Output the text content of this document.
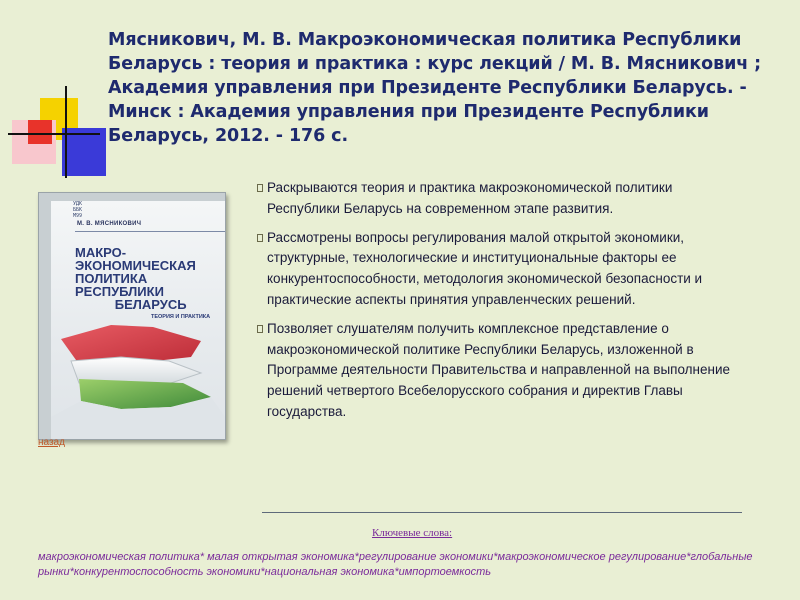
Мясникович, М. В. Макроэкономическая политика Республики Беларусь : теория и практика : курс лекций / М. В. Мясникович ; Академия управления при Президенте Республики Беларусь. - Минск : Академия управления при Президенте Республики Беларусь, 2012. - 176 с.
УДК
ББК
М99
М. В. МЯСНИКОВИЧ
МАКРО-
ЭКОНОМИЧЕСКАЯ
ПОЛИТИКА
РЕСПУБЛИКИ
БЕЛАРУСЬ
ТЕОРИЯ И ПРАКТИКА
назад

Раскрываются теория и практика макроэкономической политики Республики Беларусь на современном этапе развития.

Рассмотрены вопросы регулирования малой открытой экономики, структурные, технологические и институциональные факторы ее конкурентоспособности, методология экономической безопасности и практические аспекты принятия управленческих решений.

Позволяет слушателям получить комплексное представление о макроэкономической политике Республики Беларусь, изложенной в Программе деятельности Правительства и направленной на выполнение решений четвертого Всебелорусского собрания и директив Главы государства.

Ключевые слова:
макроэкономическая политика* малая открытая экономика*регулирование экономики*макроэкономическое регулирование*глобальные рынки*конкурентоспособность экономики*национальная экономика*импортоемкость
